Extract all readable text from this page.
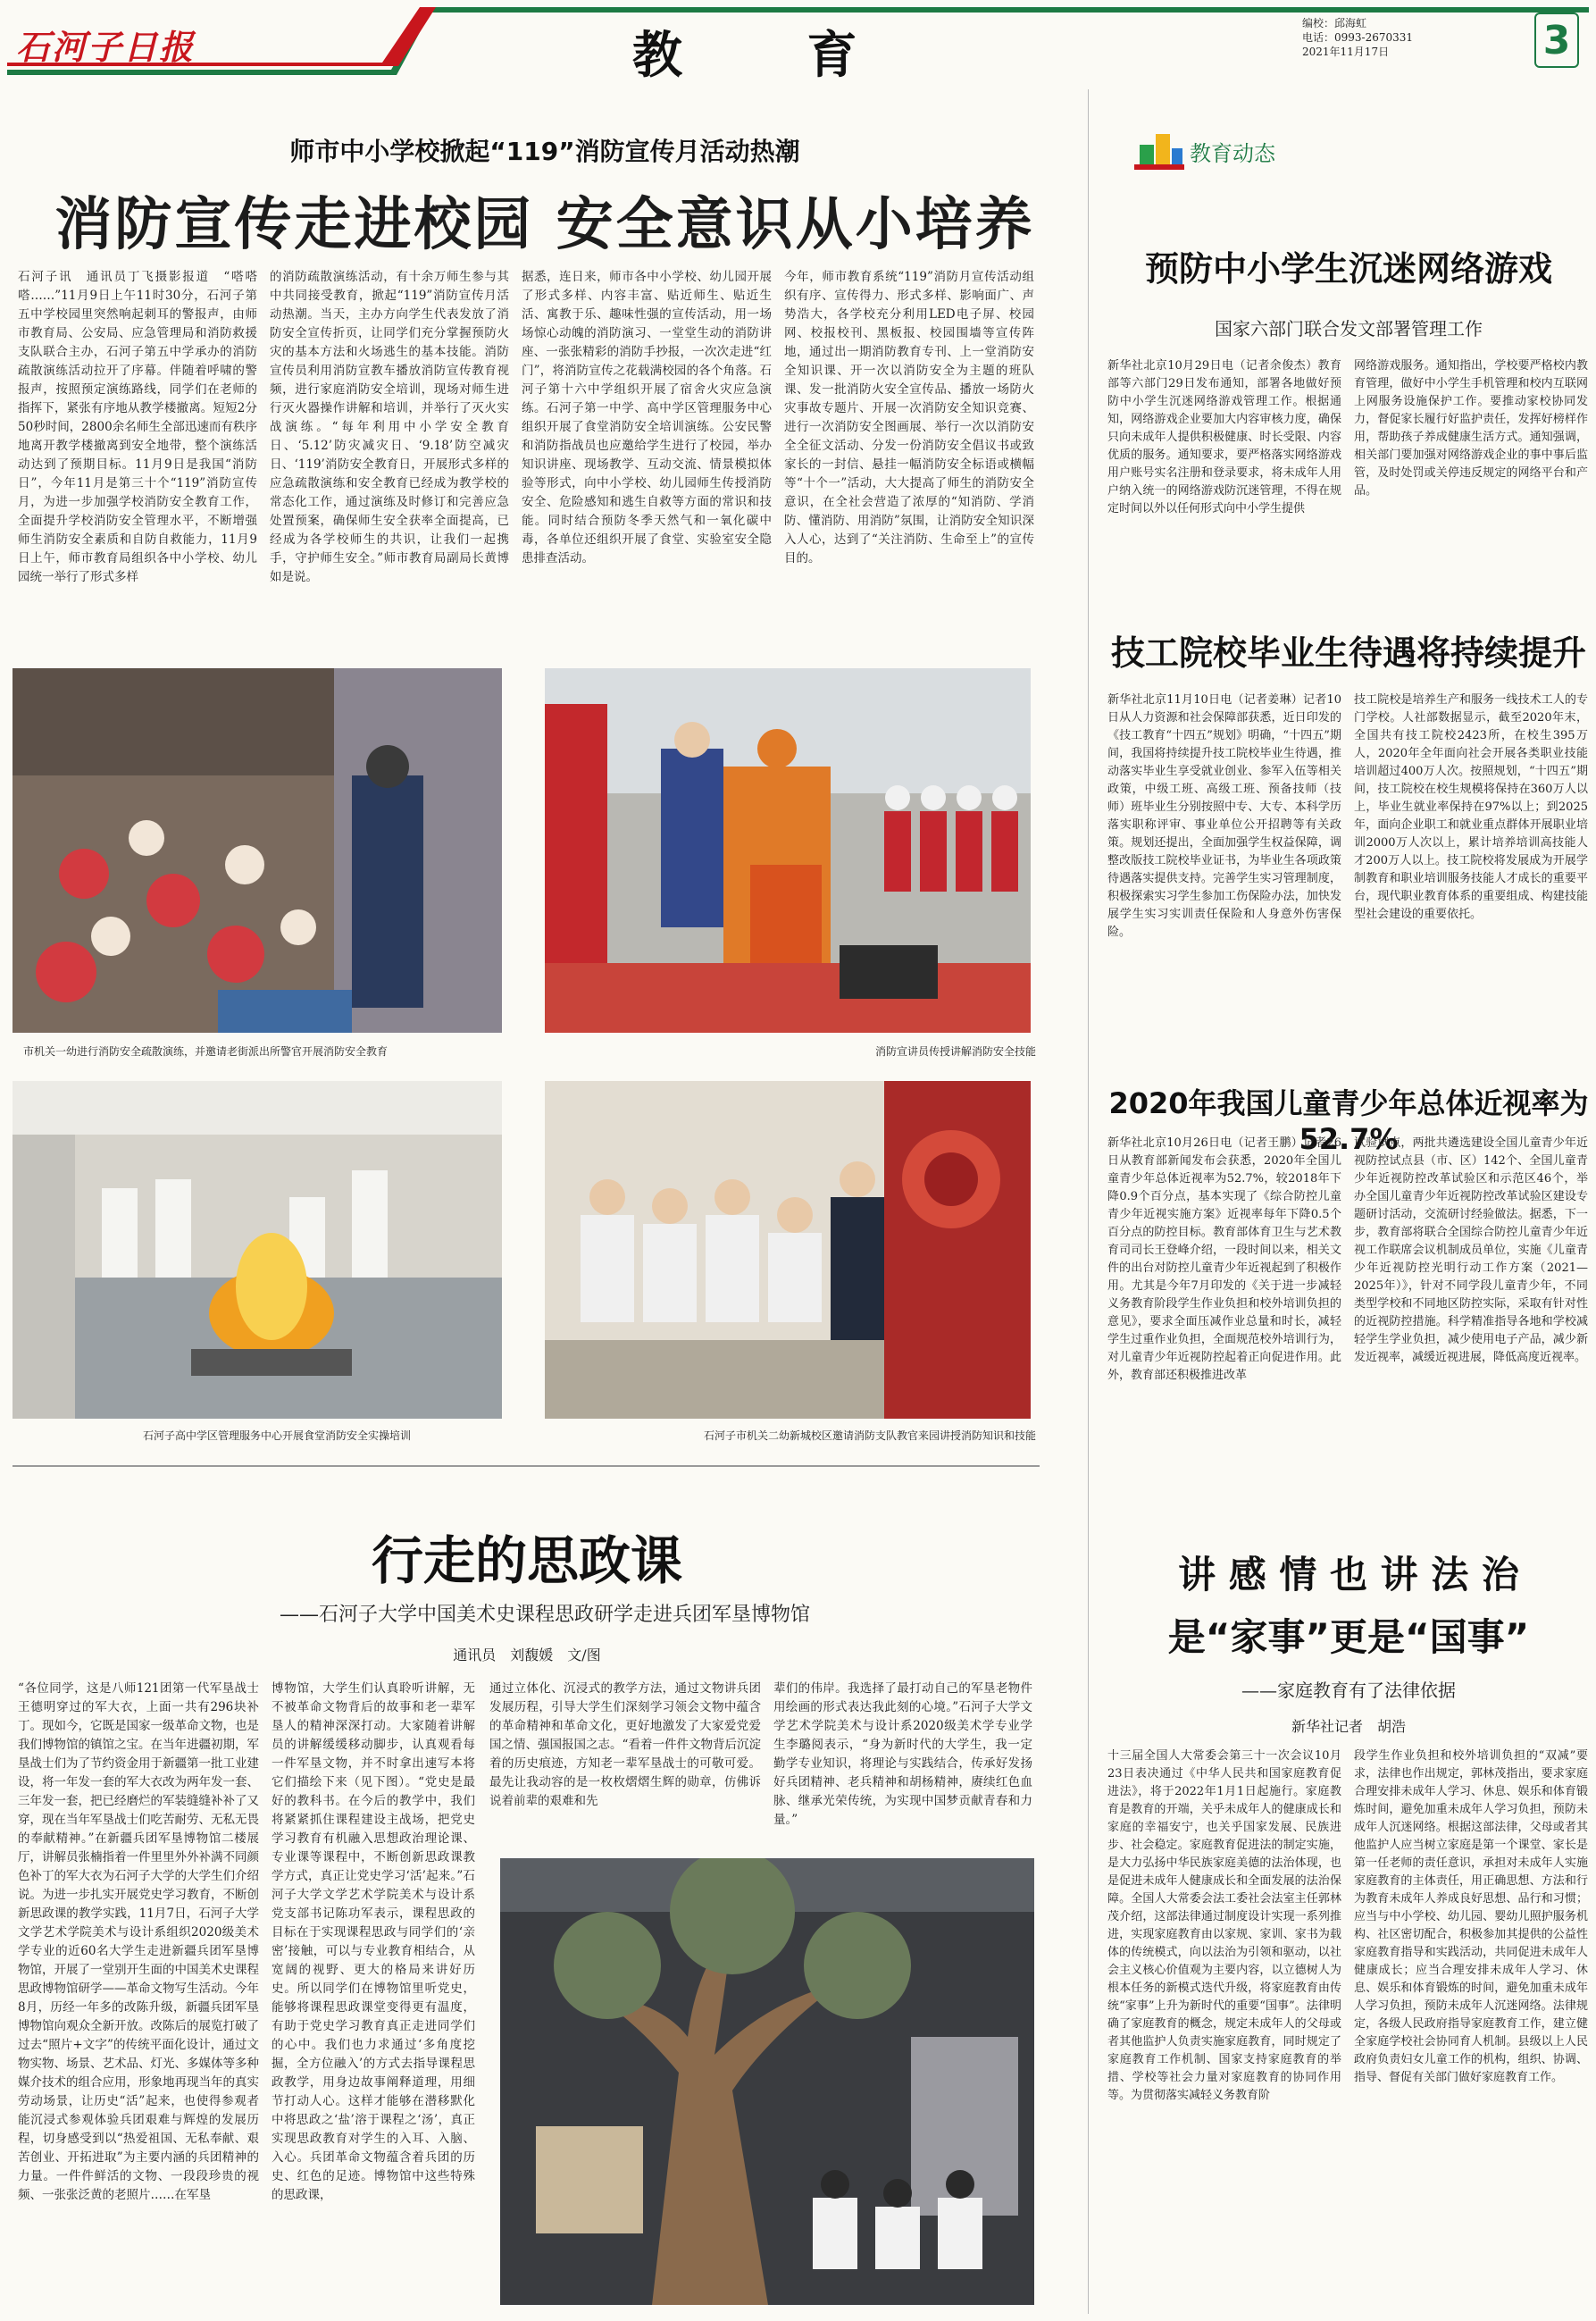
石河子日报	教 育
编校：邱海虹
电话：0993-2670331
2021年11月17日	3
师市中小学校掀起“119”消防宣传月活动热潮
消防宣传走进校园 安全意识从小培养
石河子讯　通讯员丁飞摄影报道　“嗒嗒嗒……”11月9日上午11时30分，石河子第五中学校园里突然响起刺耳的警报声，由师市教育局、公安局、应急管理局和消防救援支队联合主办，石河子第五中学承办的消防疏散演练活动拉开了序幕。伴随着呼啸的警报声，按照预定演练路线，同学们在老师的指挥下，紧张有序地从教学楼撤离。短短2分50秒时间，2800余名师生全部迅速而有秩序地离开教学楼撤离到安全地带，整个演练活动达到了预期目标。11月9日是我国“消防日”，今年11月是第三十个“119”消防宣传月，为进一步加强学校消防安全教育工作，全面提升学校消防安全管理水平，不断增强师生消防安全素质和自防自救能力，11月9日上午，师市教育局组织各中小学校、幼儿园统一举行了形式多样
的消防疏散演练活动，有十余万师生参与其中共同接受教育，掀起“119”消防宣传月活动热潮。当天，主办方向学生代表发放了消防安全宣传折页，让同学们充分掌握预防火灾的基本方法和火场逃生的基本技能。消防宣传员利用消防宣教车播放消防宣传教育视频，进行家庭消防安全培训，现场对师生进行灭火器操作讲解和培训，并举行了灭火实战演练。“每年利用中小学安全教育日、‘5.12’防灾减灾日、‘9.18’防空减灾日、‘119’消防安全教育日，开展形式多样的应急疏散演练和安全教育已经成为教学校的常态化工作，通过演练及时修订和完善应急处置预案，确保师生安全获率全面提高，已经成为各学校师生的共识，让我们一起携手，守护师生安全。”师市教育局副局长黄博如是说。
据悉，连日来，师市各中小学校、幼儿园开展了形式多样、内容丰富、贴近师生、贴近生活、寓教于乐、趣味性强的宣传活动，用一场场惊心动魄的消防演习、一堂堂生动的消防讲座、一张张精彩的消防手抄报，一次次走进“红门”，将消防宣传之花载满校园的各个角落。石河子第十六中学组织开展了宿舍火灾应急演练。石河子第一中学、高中学区管理服务中心组织开展了食堂消防安全培训演练。公安民警和消防指战员也应邀给学生进行了校园，举办知识讲座、现场教学、互动交流、情景模拟体验等形式，向中小学校、幼儿园师生传授消防安全、危险感知和逃生自救等方面的常识和技能。同时结合预防冬季天然气和一氧化碳中毒，各单位还组织开展了食堂、实验室安全隐患排查活动。
今年，师市教育系统“119”消防月宣传活动组织有序、宣传得力、形式多样、影响面广、声势浩大，各学校充分利用LED电子屏、校园网、校报校刊、黑板报、校园围墙等宣传阵地，通过出一期消防教育专刊、上一堂消防安全知识课、开一次以消防安全为主题的班队课、发一批消防火安全宣传品、播放一场防火灾事故专题片、开展一次消防安全知识竞赛、进行一次消防安全图画展、举行一次以消防安全全征文活动、分发一份消防安全倡议书或致家长的一封信、悬挂一幅消防安全标语或横幅等“十个一”活动，大大提高了师生的消防安全意识，在全社会营造了浓厚的“知消防、学消防、懂消防、用消防”氛围，让消防安全知识深入人心，达到了“关注消防、生命至上”的宣传目的。
市机关一幼进行消防安全疏散演练，并邀请老街派出所警官开展消防安全教育	消防宣讲员传授讲解消防安全技能
石河子高中学区管理服务中心开展食堂消防安全实操培训	石河子市机关二幼新城校区邀请消防支队教官来园讲授消防知识和技能
行走的思政课
——石河子大学中国美术史课程思政研学走进兵团军垦博物馆
通讯员　刘馥媛　文/图
“各位同学，这是八师121团第一代军垦战士王德明穿过的军大衣，上面一共有296块补丁。现如今，它既是国家一级革命文物，也是我们博物馆的镇馆之宝。在当年进疆初期，军垦战士们为了节约资金用于新疆第一批工业建设，将一年发一套的军大衣改为两年发一套、三年发一套，把已经磨烂的军装缝缝补补了又穿，现在当年军垦战士们吃苦耐劳、无私无畏的奉献精神。”在新疆兵团军垦博物馆二楼展厅，讲解员张楠指着一件里里外外补满不同颜色补丁的军大衣为石河子大学的大学生们介绍说。为进一步扎实开展党史学习教育，不断创新思政课的教学实践，11月7日，石河子大学文学艺术学院美术与设计系组织2020级美术学专业的近60名大学生走进新疆兵团军垦博物馆，开展了一堂别开生面的中国美术史课程思政博物馆研学——革命文物写生活动。今年8月，历经一年多的改陈升级，新疆兵团军垦博物馆向观众全新开放。改陈后的展览打破了过去“照片+文字”的传统平面化设计，通过文物实物、场景、艺术品、灯光、多媒体等多种媒介技术的组合应用，形象地再现当年的真实劳动场景，让历史“活”起来，也使得参观者能沉浸式参观体验兵团艰难与辉煌的发展历程，切身感受到以“热爱祖国、无私奉献、艰苦创业、开拓进取”为主要内涵的兵团精神的力量。一件件鲜活的文物、一段段珍贵的视频、一张张泛黄的老照片……在军垦
博物馆，大学生们认真聆听讲解，无不被革命文物背后的故事和老一辈军垦人的精神深深打动。大家随着讲解员的讲解缓缓移动脚步，认真观看每一件军垦文物，并不时拿出速写本将它们描绘下来（见下图）。“党史是最好的教科书。在今后的教学中，我们将紧紧抓住课程建设主战场，把党史学习教育有机融入思想政治理论课、专业课等课程中，不断创新思政课教学方式，真正让党史学习‘活’起来。”石河子大学文学艺术学院美术与设计系党支部书记陈功军表示，课程思政的目标在于实现课程思政与同学们的‘亲密’接触，可以与专业教育相结合，从宽阔的视野、更大的格局来讲好历史。所以同学们在博物馆里听党史，能够将课程思政课堂变得更有温度，有助于党史学习教育真正走进同学们的心中。我们也力求通过‘多角度挖掘，全方位融入’的方式去指导课程思政教学，用身边故事阐释道理，用细节打动人心。这样才能够在潜移默化中将思政之‘盐’溶于课程之‘汤’，真正实现思政教育对学生的入耳、入脑、入心。兵团革命文物蕴含着兵团的历史、红色的足迹。博物馆中这些特殊的思政课，
通过立体化、沉浸式的教学方法，通过文物讲兵团发展历程，引导大学生们深刻学习领会文物中蕴含的革命精神和革命文化，更好地激发了大家爱党爱国之情、强国报国之志。“看着一件件文物背后沉淀着的历史痕迹，方知老一辈军垦战士的可敬可爱。最先让我动容的是一枚枚熠熠生辉的勋章，仿佛诉说着前辈的艰难和先
辈们的伟岸。我选择了最打动自己的军垦老物件用绘画的形式表达我此刻的心境。”石河子大学文学艺术学院美术与设计系2020级美术学专业学生李璐阅表示，“身为新时代的大学生，我一定勤学专业知识，将理论与实践结合，传承好发扬好兵团精神、老兵精神和胡杨精神，赓续红色血脉、继承光荣传统，为实现中国梦贡献青春和力量。”
教育动态
预防中小学生沉迷网络游戏
国家六部门联合发文部署管理工作
新华社北京10月29日电（记者余俊杰）教育部等六部门29日发布通知，部署各地做好预防中小学生沉迷网络游戏管理工作。根据通知，网络游戏企业要加大内容审核力度，确保只向未成年人提供积极健康、时长受限、内容优质的服务。通知要求，要严格落实网络游戏用户账号实名注册和登录要求，将未成年人用户纳入统一的网络游戏防沉迷管理，不得在规定时间以外以任何形式向中小学生提供
网络游戏服务。通知指出，学校要严格校内教育管理，做好中小学生手机管理和校内互联网上网服务设施保护工作。要推动家校协同发力，督促家长履行好监护责任，发挥好榜样作用，帮助孩子养成健康生活方式。通知强调，相关部门要加强对网络游戏企业的事中事后监管，及时处罚或关停违反规定的网络平台和产品。
技工院校毕业生待遇将持续提升
新华社北京11月10日电（记者姜琳）记者10日从人力资源和社会保障部获悉，近日印发的《技工教育“十四五”规划》明确，“十四五”期间，我国将持续提升技工院校毕业生待遇，推动落实毕业生享受就业创业、参军入伍等相关政策，中级工班、高级工班、预备技师（技师）班毕业生分别按照中专、大专、本科学历落实职称评审、事业单位公开招聘等有关政策。规划还提出，全面加强学生权益保障，调整改版技工院校毕业证书，为毕业生各项政策待遇落实提供支持。完善学生实习管理制度，积极探索实习学生参加工伤保险办法，加快发展学生实习实训责任保险和人身意外伤害保险。
技工院校是培养生产和服务一线技术工人的专门学校。人社部数据显示，截至2020年末，全国共有技工院校2423所，在校生395万人，2020年全年面向社会开展各类职业技能培训超过400万人次。按照规划，“十四五”期间，技工院校在校生规模将保持在360万人以上，毕业生就业率保持在97%以上；到2025年，面向企业职工和就业重点群体开展职业培训2000万人次以上，累计培养培训高技能人才200万人以上。技工院校将发展成为开展学制教育和职业培训服务技能人才成长的重要平台，现代职业教育体系的重要组成、构建技能型社会建设的重要依托。
2020年我国儿童青少年总体近视率为52.7%
新华社北京10月26日电（记者王鹏）记者26日从教育部新闻发布会获悉，2020年全国儿童青少年总体近视率为52.7%，较2018年下降0.9个百分点，基本实现了《综合防控儿童青少年近视实施方案》近视率每年下降0.5个百分点的防控目标。教育部体育卫生与艺术教育司司长王登峰介绍，一段时间以来，相关文件的出台对防控儿童青少年近视起到了积极作用。尤其是今年7月印发的《关于进一步减轻义务教育阶段学生作业负担和校外培训负担的意见》，要求全面压减作业总量和时长，减轻学生过重作业负担，全面规范校外培训行为，对儿童青少年近视防控起着正向促进作用。此外，教育部还积极推进改革
试验试点，两批共遴选建设全国儿童青少年近视防控试点县（市、区）142个、全国儿童青少年近视防控改革试验区和示范区46个，举办全国儿童青少年近视防控改革试验区建设专题研讨活动，交流研讨经验做法。据悉，下一步，教育部将联合全国综合防控儿童青少年近视工作联席会议机制成员单位，实施《儿童青少年近视防控光明行动工作方案（2021—2025年）》，针对不同学段儿童青少年，不同类型学校和不同地区防控实际，采取有针对性的近视防控措施。科学精准指导各地和学校减轻学生学业负担，减少使用电子产品，减少新发近视率，减缓近视进展，降低高度近视率。
讲 感 情 也 讲 法 治
是“家事”更是“国事”
——家庭教育有了法律依据
新华社记者　胡浩
十三届全国人大常委会第三十一次会议10月23日表决通过《中华人民共和国家庭教育促进法》，将于2022年1月1日起施行。家庭教育是教育的开端，关乎未成年人的健康成长和家庭的幸福安宁，也关乎国家发展、民族进步、社会稳定。家庭教育促进法的制定实施，是大力弘扬中华民族家庭美德的法治体现，也是促进未成年人健康成长和全面发展的法治保障。全国人大常委会法工委社会法室主任郭林茂介绍，这部法律通过制度设计实现一系列推进，实现家庭教育由以家规、家训、家书为载体的传统模式，向以法治为引领和驱动，以社会主义核心价值观为主要内容，以立德树人为根本任务的新模式迭代升级，将家庭教育由传统“家事”上升为新时代的重要“国事”。法律明确了家庭教育的概念，规定未成年人的父母或者其他监护人负责实施家庭教育，同时规定了家庭教育工作机制、国家支持家庭教育的举措、学校等社会力量对家庭教育的协同作用等。为贯彻落实减轻义务教育阶
段学生作业负担和校外培训负担的“双减”要求，法律也作出规定，郭林茂指出，要求家庭合理安排未成年人学习、休息、娱乐和体育锻炼时间，避免加重未成年人学习负担，预防未成年人沉迷网络。根据这部法律，父母或者其他监护人应当树立家庭是第一个课堂、家长是第一任老师的责任意识，承担对未成年人实施家庭教育的主体责任，用正确思想、方法和行为教育未成年人养成良好思想、品行和习惯；应当与中小学校、幼儿园、婴幼儿照护服务机构、社区密切配合，积极参加其提供的公益性家庭教育指导和实践活动，共同促进未成年人健康成长；应当合理安排未成年人学习、休息、娱乐和体育锻炼的时间，避免加重未成年人学习负担，预防未成年人沉迷网络。法律规定，各级人民政府指导家庭教育工作，建立健全家庭学校社会协同育人机制。县级以上人民政府负责妇女儿童工作的机构，组织、协调、指导、督促有关部门做好家庭教育工作。
